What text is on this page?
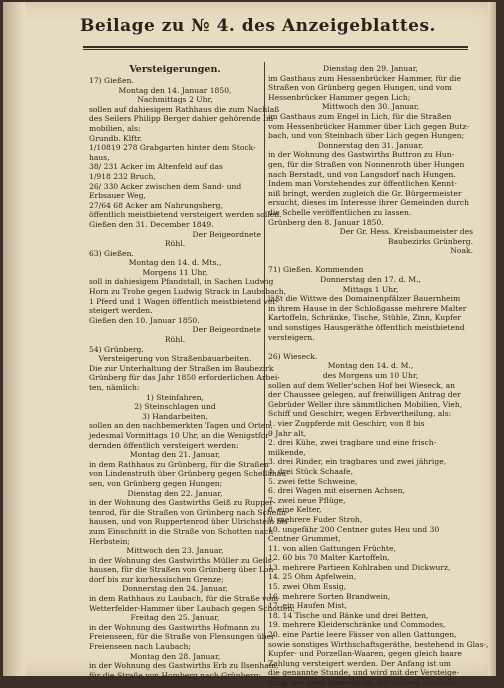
Beilage zu № 4. des Anzeigeblattes.
Versteigerungen.
17) Gießen.
Montag den 14. Januar 1850,
Nachmittags 2 Uhr,
sollen auf dahiesigem Rathhaus die zum Nachlaß
des Seilers Philipp Berger dahier gehörende Im-
mobilien, als:
Grundb. Klftr.
1/10819 278 Grabgarten hinter dem Stock-
haus,
38/ 231 Acker im Altenfeld auf das
1/918 232 Bruch,
26/ 330 Acker zwischen dem Sand- und
Erbsauer Weg,
27/64 68 Acker am Nahrungsberg,
öffentlich meistbietend versteigert werden sollen.
Gießen den 31. December 1849.
Der Beigeordnete
Rühl.
63) Gießen.
Montag den 14. d. Mts.,
Morgens 11 Uhr,
soll in dahiesigem Pfandstall, in Sachen Ludwig
Horn zu Trohe gegen Ludwig Strack in Laubsbach,
1 Pferd und 1 Wagen öffentlich meistbietend ver-
steigert werden.
Gießen den 10. Januar 1850.
Der Beigeordnete
Rühl.
54) Grünberg.
Versteigerung von Straßenbauarbeiten.
Die zur Unterhaltung der Straßen im Baubezirk
Grünberg für das Jahr 1850 erforderlichen Arbei-
ten, nämlich:
1) Steinfahren,
2) Steinschlagen und
3) Handarbeiten,
sollen an den nachbemerkten Tagen und Orten,
jedesmal Vormittags 10 Uhr, an die Wenigstfor-
dernden öffentlich versteigert werden:
Montag den 21. Januar,
in dem Rathhaus zu Grünberg, für die Straßen
von Lindenstruth über Grünberg gegen Schellahau-
sen, von Grünberg gegen Hungen;
Dienstag den 22. Januar,
in der Wohnung des Gastwirths Geiß zu Rupper-
tenrod, für die Straßen von Grünberg nach Schelln-
hausen, und von Ruppertenrod über Ulrichstein bis
zum Einschnitt in die Straße von Schotten nach
Herbstein;
Mittwoch den 23. Januar,
in der Wohnung des Gastwirths Müller zu Geils-
hausen, für die Straßen von Grünberg über Lon-
dorf bis zur kurhessischen Grenze;
Donnerstag den 24. Januar,
in dem Rathhaus zu Laubach, für die Straße vom
Wetterfelder-Hammer über Laubach gegen Schotten;
Freitag den 25. Januar,
in der Wohnung des Gastwirths Hofmann zu
Freienseen, für die Straße von Flensungen über
Freienseen nach Laubach;
Montag den 28. Januar,
in der Wohnung des Gastwirths Erb zu Ilsenhain,
für die Straße von Homberg nach Grünberg;
Dienstag den 29. Januar,
im Gasthaus zum Hessenbrücker Hammer, für die
Straßen von Grünberg gegen Hungen, und vom
Hessenbrücker Hammer gegen Lich;
Mittwoch den 30. Januar,
im Gasthaus zum Engel in Lich, für die Straßen
vom Hessenbrücker Hammer über Lich gegen Butz-
bach, und von Steinbach über Lich gegen Hungen;
Donnerstag den 31. Januar,
in der Wohnung des Gastwirths Buttron zu Hun-
gen, für die Straßen von Nonnenroth über Hungen
nach Berstadt, und von Langsdorf nach Hungen.
Indem man Vorstehendes zur öffentlichen Kennt-
niß bringt, werden zugleich die Gr. Bürgermeister
ersucht, dieses im Interesse ihrer Gemeinden durch
die Schelle veröffentlichen zu lassen.
Grünberg den 8. Januar 1850.
Der Gr. Hess. Kreisbaumeister des
Baubezirks Grünberg.
Noak.

71) Gießen. Kommenden
Donnerstag den 17. d. M.,
Mittags 1 Uhr,
läßt die Wittwe des Domainenpfälzer Bauernheim
in ihrem Hause in der Schloßgasse mehrere Malter
Kartoffeln, Schränke, Tische, Stühle, Zinn, Kupfer
und sonstiges Hausgeräthe öffentlich meistbietend
versteigern.

26) Wieseck.
Montag den 14. d. M.,
des Morgens um 10 Uhr,
sollen auf dem Weller'schen Hof bei Wieseck, an
der Chaussee gelegen, auf freiwilligen Antrag der
Gebrüder Weller ihre sämmtlichen Mobilien, Vieh,
Schiff und Geschirr, wegen Erbvertheilung, als:
1. vier Zugpferde mit Geschirr, von 8 bis
9 Jahr alt,
2. drei Kühe, zwei tragbare und eine frisch-
milkende,
3. drei Rinder, ein tragbares und zwei jährige,
4. drei Stück Schaafe,
5. zwei fette Schweine,
6. drei Wagen mit eisernen Achsen,
7. zwei neue Pflüge,
8. eine Kelter,
9. mehrere Fuder Stroh,
10. ungefähr 200 Centner gutes Heu und 30
Centner Grummet,
11. von allen Gattungen Früchte,
12. 60 bis 70 Malter Kartoffeln,
13. mehrere Partieen Kohlraben und Dickwurz,
14. 25 Ohm Apfelwein,
15. zwei Ohm Essig,
16. mehrere Sorten Brandwein,
17. ein Haufen Mist,
18. 14 Tische und Bänke und drei Betten,
19. mehrere Kleiderschränke und Commodes,
20. eine Partie leere Fässer von allen Gattungen,
sowie sonstiges Wirthschaftsgeräthe, bestehend in Glas-,
Kupfer- und Porzellan-Waaren, gegen gleich baare
Zahlung versteigert werden. Der Anfang ist um
die genannte Stunde, und wird mit der Versteige-
rung, wie oben bemerkt ist, der Anfang gemacht.
